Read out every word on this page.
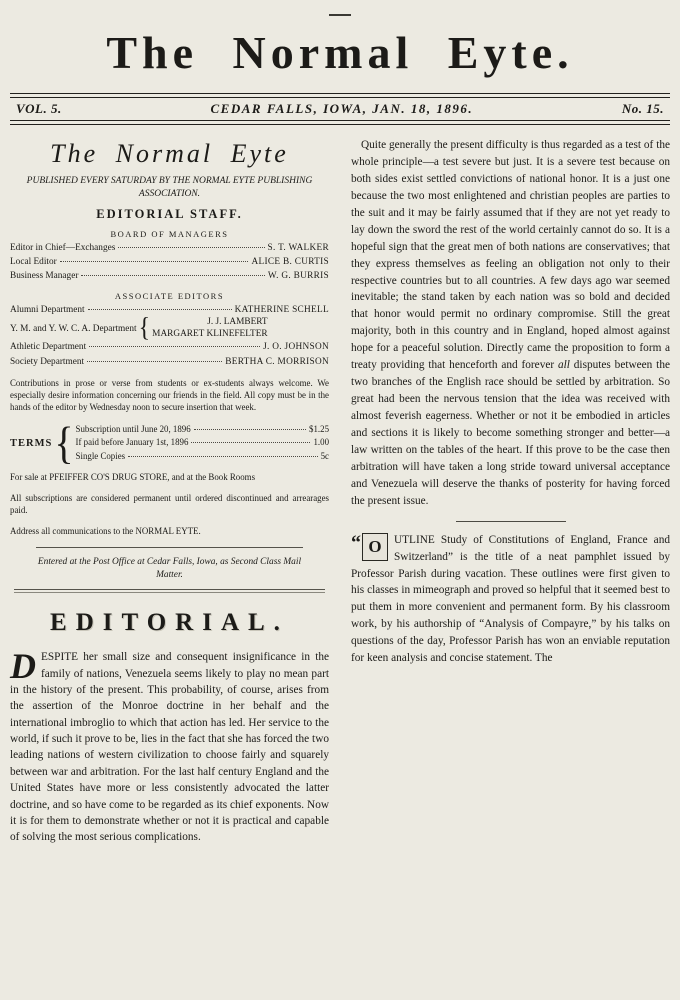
The Normal Eyte.
VOL. 5.	CEDAR FALLS, IOWA, JAN. 18, 1896.	No. 15.
The Normal Eyte

PUBLISHED EVERY SATURDAY BY THE NORMAL EYTE PUBLISHING ASSOCIATION.

EDITORIAL STAFF.
BOARD OF MANAGERS
Editor in Chief—Exchanges	S. T. WALKER
Local Editor	ALICE B. CURTIS
Business Manager	W. G. BURRIS
ASSOCIATE EDITORS
Alumni Department	KATHERINE SCHELL
Y. M. and Y. W. C. A. Department {	J. J. LAMBERT
MARGARET KLINEFELTER
Athletic Department	J. O. JOHNSON
Society Department	BERTHA C. MORRISON

Contributions in prose or verse from students or ex-students always welcome. We especially desire information concerning our friends in the field. All copy must be in the hands of the editor by Wednesday noon to secure insertion that week.

TERMS { Subscription until June 20, 1896	$1.25
If paid before January 1st, 1896	1.00
Single Copies	5c

For sale at PFEIFFER CO'S DRUG STORE, and at the Book Rooms

All subscriptions are considered permanent until ordered discontinued and arrearages paid.

Address all communications to the NORMAL EYTE.

Entered at the Post Office at Cedar Falls, Iowa, as Second Class Mail Matter.

EDITORIAL.

DESPITE her small size and consequent insignificance in the family of nations, Venezuela seems likely to play no mean part in the history of the present. This probability, of course, arises from the assertion of the Monroe doctrine in her behalf and the international imbroglio to which that action has led. Her service to the world, if such it prove to be, lies in the fact that she has forced the two leading nations of western civilization to choose fairly and squarely between war and arbitration. For the last half century England and the United States have more or less consistently advocated the latter doctrine, and so have come to be regarded as its chief exponents. Now it is for them to demonstrate whether or not it is practical and capable of solving the most serious complications.

Quite generally the present difficulty is thus regarded as a test of the whole principle—a test severe but just. It is a severe test because on both sides exist settled convictions of national honor. It is a just one because the two most enlightened and christian peoples are parties to the suit and it may be fairly assumed that if they are not yet ready to lay down the sword the rest of the world certainly cannot do so. It is a hopeful sign that the great men of both nations are conservatives; that they express themselves as feeling an obligation not only to their respective countries but to all countries. A few days ago war seemed inevitable; the stand taken by each nation was so bold and decided that honor would permit no ordinary compromise. Still the great majority, both in this country and in England, hoped almost against hope for a peaceful solution. Directly came the proposition to form a treaty providing that henceforth and forever all disputes between the two branches of the English race should be settled by arbitration. So great had been the nervous tension that the idea was received with almost feverish eagerness. Whether or not it be embodied in articles and sections it is likely to become something stronger and better—a law written on the tables of the heart. If this prove to be the case then arbitration will have taken a long stride toward universal acceptance and Venezuela will deserve the thanks of posterity for having forced the present issue.

“ O	UTLINE Study of Constitutions of England, France and Switzerland” is the title of a neat pamphlet issued by Professor Parish during vacation. These outlines were first given to his classes in mimeograph and proved so helpful that it seemed best to put them in more convenient and permanent form. By his classroom work, by his authorship of “Analysis of Compayre,” by his talks on questions of the day, Professor Parish has won an enviable reputation for keen analysis and concise statement. The
